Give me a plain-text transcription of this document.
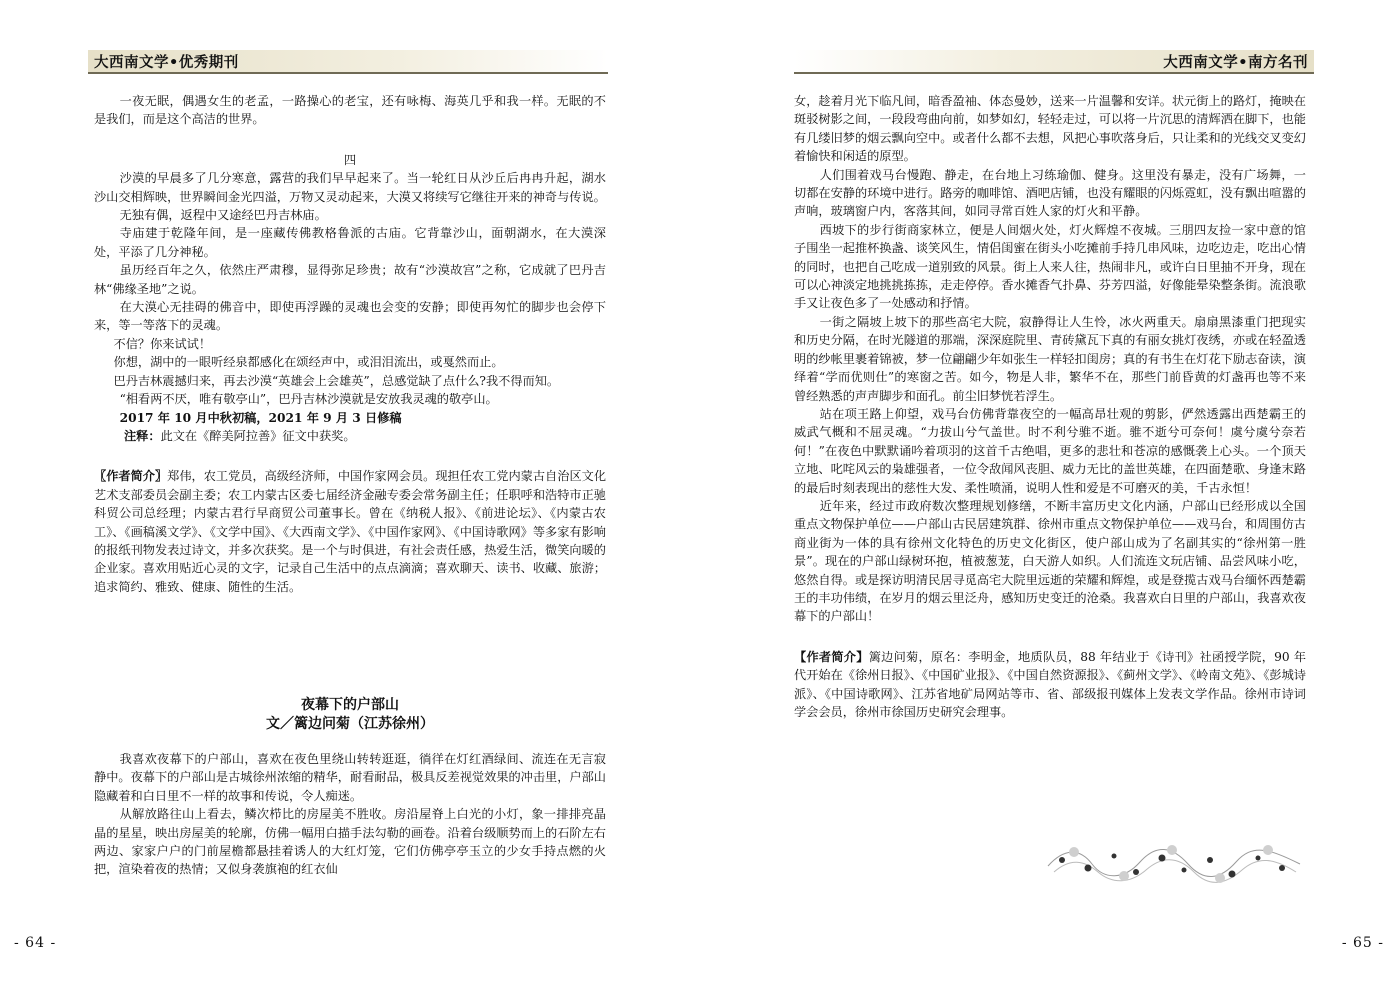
大西南文学•优秀期刊

一夜无眠，偶遇女生的老孟，一路操心的老宝，还有咏梅、海英几乎和我一样。无眠的不是我们，而是这个高洁的世界。

四

沙漠的早晨多了几分寒意，露营的我们早早起来了。当一轮红日从沙丘后冉冉升起，湖水沙山交相辉映，世界瞬间金光四溢，万物又灵动起来，大漠又将续写它继往开来的神奇与传说。

无独有偶，返程中又途经巴丹吉林庙。

寺庙建于乾隆年间，是一座藏传佛教格鲁派的古庙。它背靠沙山，面朝湖水，在大漠深处，平添了几分神秘。

虽历经百年之久，依然庄严肃穆，显得弥足珍贵；故有“沙漠故宫”之称，它成就了巴丹吉林“佛缘圣地”之说。

在大漠心无挂碍的佛音中，即使再浮躁的灵魂也会变的安静；即使再匆忙的脚步也会停下来，等一等落下的灵魂。

不信？你来试试！

你想，湖中的一眼听经泉都感化在颂经声中，或泪泪流出，或戛然而止。

巴丹吉林震撼归来，再去沙漠“英雄会上会雄英”，总感觉缺了点什么?我不得而知。

“相看两不厌，唯有敬亭山”，巴丹吉林沙漠就是安放我灵魂的敬亭山。

2017 年 10 月中秋初稿，2021 年 9 月 3 日修稿

注释：此文在《醉美阿拉善》征文中获奖。

〖作者简介〗郑伟，农工党员，高级经济师，中国作家网会员。现担任农工党内蒙古自治区文化艺术支部委员会副主委；农工内蒙古区委七届经济金融专委会常务副主任；任职呼和浩特市正驰科贸公司总经理；内蒙古君行早商贸公司董事长。曾在《纳税人报》、《前进论坛》、《内蒙古农工》、《画稿溪文学》、《文学中国》、《大西南文学》、《中国作家网》、《中国诗歌网》等多家有影响的报纸刊物发表过诗文，并多次获奖。是一个与时俱进，有社会责任感，热爱生活，微笑向暖的企业家。喜欢用贴近心灵的文字，记录自己生活中的点点滴滴；喜欢聊天、读书、收藏、旅游；追求简约、雅致、健康、随性的生活。

夜幕下的户部山
文／篱边问菊（江苏徐州）

我喜欢夜幕下的户部山，喜欢在夜色里绕山转转逛逛，徜徉在灯红酒绿间、流连在无言寂静中。夜幕下的户部山是古城徐州浓缩的精华，耐看耐品，极具反差视觉效果的冲击里，户部山隐藏着和白日里不一样的故事和传说，令人痴迷。

从解放路往山上看去，鳞次栉比的房屋美不胜收。房沿屋脊上白光的小灯，象一排排亮晶晶的星星，映出房屋美的轮廓，仿佛一幅用白描手法勾勒的画卷。沿着台级顺势而上的石阶左右两边、家家户户的门前屋檐都悬挂着诱人的大红灯笼，它们仿佛亭亭玉立的少女手持点燃的火把，渲染着夜的热情；又似身袭旗袍的红衣仙

- 64 -
大西南文学•南方名刊

女，趁着月光下临凡间，暗香盈袖、体态曼妙，送来一片温馨和安详。状元街上的路灯，掩映在斑驳树影之间，一段段弯曲向前，如梦如幻，轻轻走过，可以将一片沉思的清辉洒在脚下，也能有几缕旧梦的烟云飘向空中。或者什么都不去想，风把心事吹落身后，只让柔和的光线交叉变幻着愉快和闲适的原型。

人们围着戏马台慢跑、静走，在台地上习练瑜伽、健身。这里没有暴走，没有广场舞，一切都在安静的环境中进行。路旁的咖啡馆、酒吧店铺，也没有耀眼的闪烁霓虹，没有飘出喧嚣的声响，玻璃窗户内，客落其间，如同寻常百姓人家的灯火和平静。

西坡下的步行街商家林立，便是人间烟火处，灯火辉煌不夜城。三朋四友捡一家中意的馆子围坐一起推杯换盏、谈笑风生，情侣闺蜜在街头小吃摊前手持几串风味，边吃边走，吃出心情的同时，也把自己吃成一道别致的风景。街上人来人往，热闹非凡，或许白日里抽不开身，现在可以心神淡定地挑挑拣拣，走走停停。香水摊香气扑鼻、芬芳四溢，好像能晕染整条街。流浪歌手又让夜色多了一处感动和抒情。

一街之隔坡上坡下的那些高宅大院，寂静得让人生怜，冰火两重天。扇扇黑漆重门把现实和历史分隔，在时光隧道的那端，深深庭院里、青砖黛瓦下真的有丽女挑灯夜绣，亦或在轻盈透明的纱帐里裹着锦被，梦一位翩翩少年如张生一样轻扣闺房；真的有书生在灯花下励志奋读，演绎着“学而优则仕”的寒窗之苦。如今，物是人非，繁华不在，那些门前昏黄的灯盏再也等不来曾经熟悉的声声脚步和面孔。前尘旧梦恍若浮生。

站在项王路上仰望，戏马台仿佛背靠夜空的一幅高昂壮观的剪影，俨然透露出西楚霸王的威武气概和不屈灵魂。“力拔山兮气盖世。时不利兮骓不逝。骓不逝兮可奈何！虞兮虞兮奈若何！”在夜色中默默诵吟着项羽的这首千古绝唱，更多的悲壮和苍凉的感慨袭上心头。一个顶天立地、叱咤风云的枭雄强者，一位令敌闻风丧胆、威力无比的盖世英雄，在四面楚歌、身逢末路的最后时刻表现出的慈性大发、柔性喷涌，说明人性和爱是不可磨灭的美，千古永恒！

近年来，经过市政府数次整理规划修缮，不断丰富历史文化内涵，户部山已经形成以全国重点文物保护单位——户部山古民居建筑群、徐州市重点文物保护单位——戏马台，和周围仿古商业街为一体的具有徐州文化特色的历史文化街区，使户部山成为了名副其实的“徐州第一胜景”。现在的户部山绿树环抱，植被葱茏，白天游人如织。人们流连文玩店铺、品尝风味小吃，悠然自得。或是探访明清民居寻觅高宅大院里远逝的荣耀和辉煌，或是登揽古戏马台缅怀西楚霸王的丰功伟绩，在岁月的烟云里泛舟，感知历史变迁的沧桑。我喜欢白日里的户部山，我喜欢夜幕下的户部山！

【作者简介】篱边问菊，原名：李明金，地质队员，88 年结业于《诗刊》社函授学院，90 年代开始在《徐州日报》、《中国矿业报》、《中国自然资源报》、《蓟州文学》、《岭南文苑》、《彭城诗派》、《中国诗歌网》、江苏省地矿局网站等市、省、部级报刊媒体上发表文学作品。徐州市诗词学会会员，徐州市徐国历史研究会理事。

- 65 -
